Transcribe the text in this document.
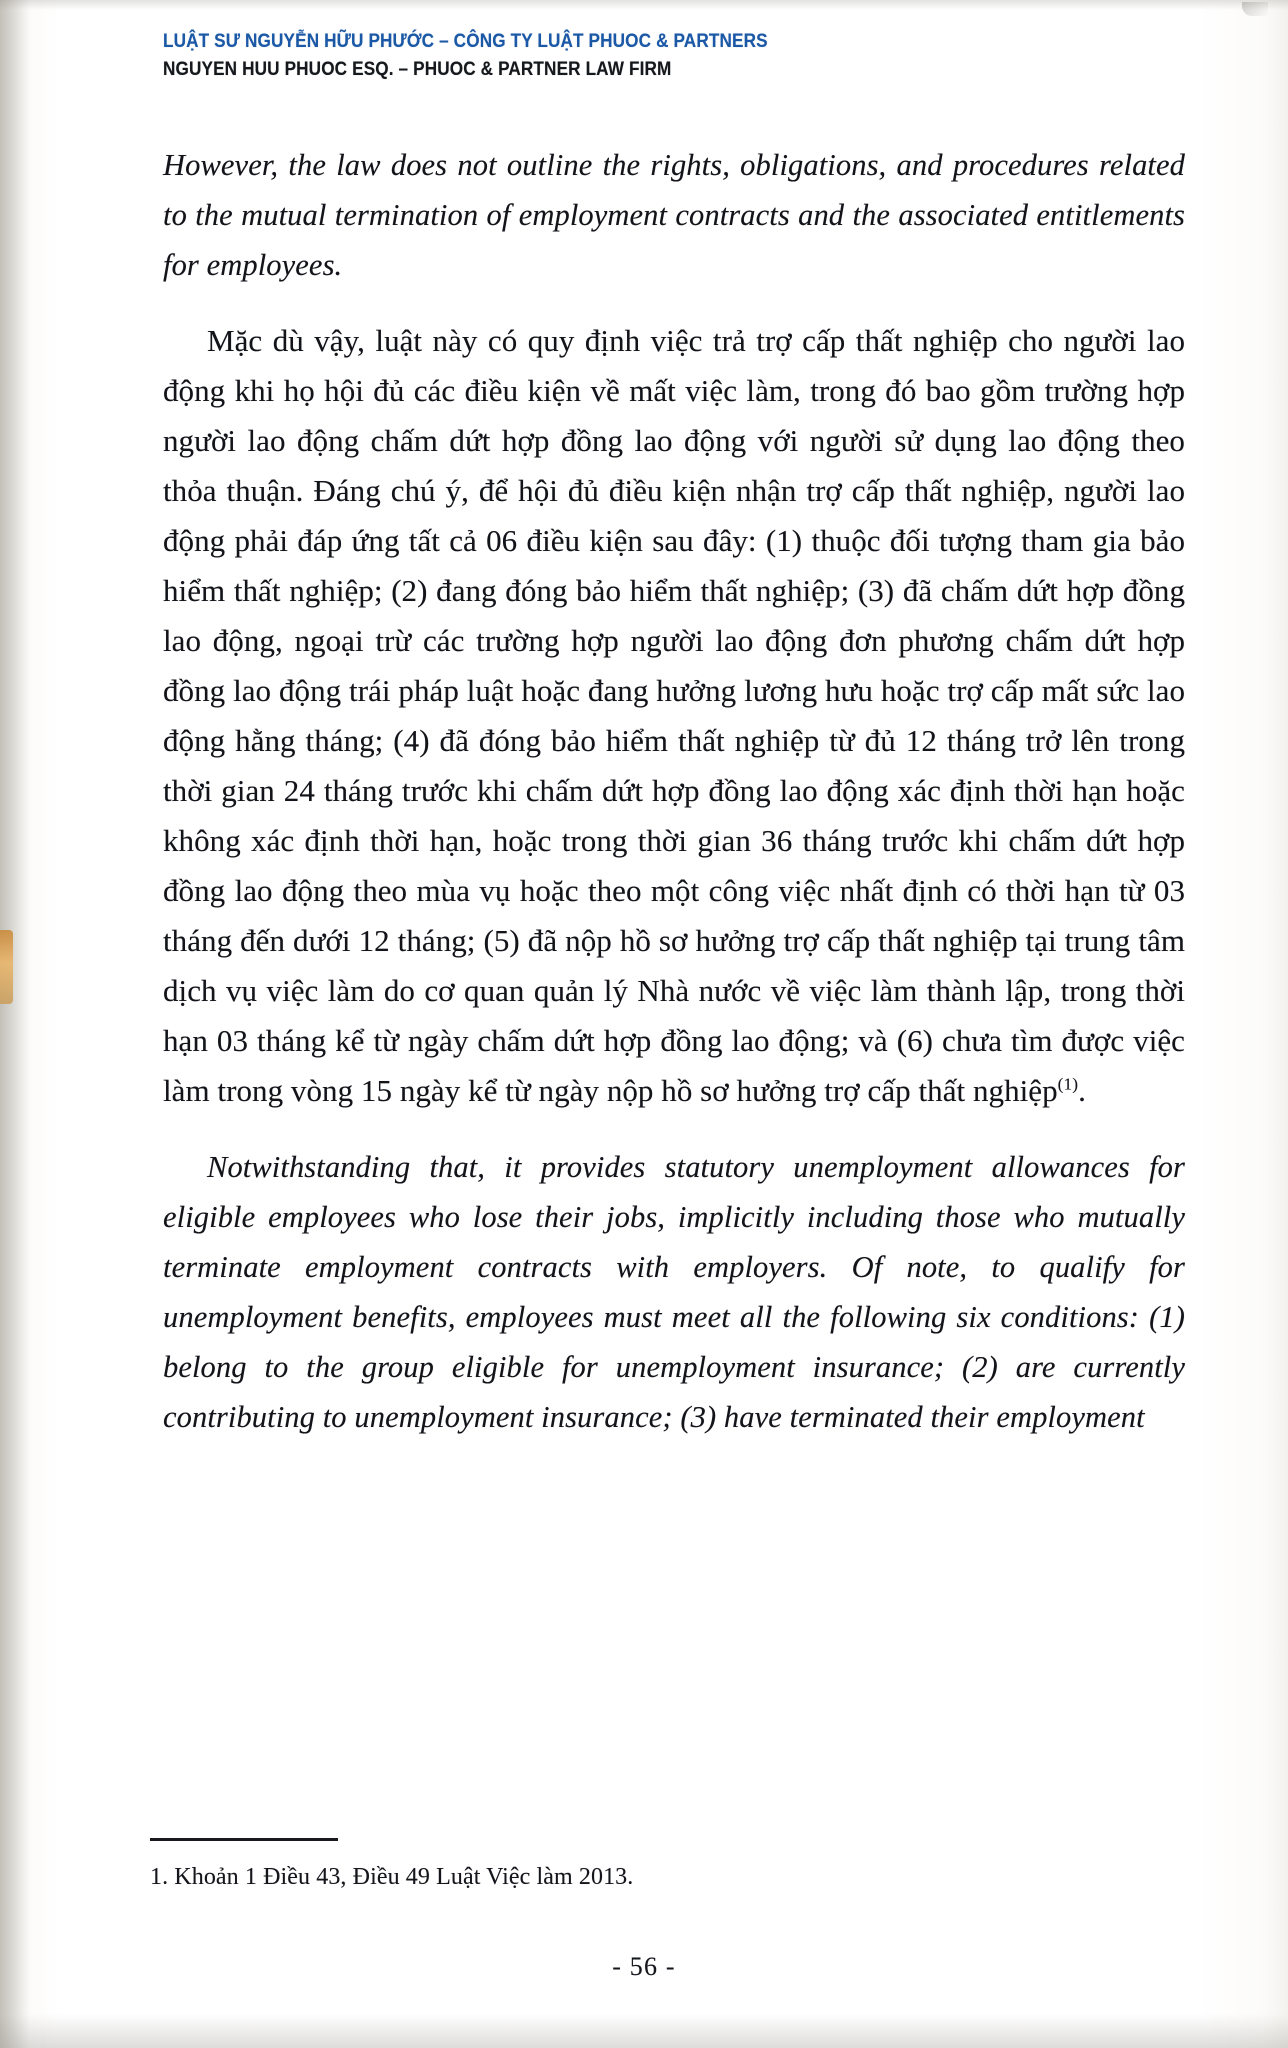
LUẬT SƯ NGUYỄN HỮU PHƯỚC – CÔNG TY LUẬT PHUOC & PARTNERS
NGUYEN HUU PHUOC ESQ. – PHUOC & PARTNER LAW FIRM

However, the law does not outline the rights, obligations, and procedures related to the mutual termination of employment contracts and the associated entitlements for employees.

Mặc dù vậy, luật này có quy định việc trả trợ cấp thất nghiệp cho người lao động khi họ hội đủ các điều kiện về mất việc làm, trong đó bao gồm trường hợp người lao động chấm dứt hợp đồng lao động với người sử dụng lao động theo thỏa thuận. Đáng chú ý, để hội đủ điều kiện nhận trợ cấp thất nghiệp, người lao động phải đáp ứng tất cả 06 điều kiện sau đây: (1) thuộc đối tượng tham gia bảo hiểm thất nghiệp; (2) đang đóng bảo hiểm thất nghiệp; (3) đã chấm dứt hợp đồng lao động, ngoại trừ các trường hợp người lao động đơn phương chấm dứt hợp đồng lao động trái pháp luật hoặc đang hưởng lương hưu hoặc trợ cấp mất sức lao động hằng tháng; (4) đã đóng bảo hiểm thất nghiệp từ đủ 12 tháng trở lên trong thời gian 24 tháng trước khi chấm dứt hợp đồng lao động xác định thời hạn hoặc không xác định thời hạn, hoặc trong thời gian 36 tháng trước khi chấm dứt hợp đồng lao động theo mùa vụ hoặc theo một công việc nhất định có thời hạn từ 03 tháng đến dưới 12 tháng; (5) đã nộp hồ sơ hưởng trợ cấp thất nghiệp tại trung tâm dịch vụ việc làm do cơ quan quản lý Nhà nước về việc làm thành lập, trong thời hạn 03 tháng kể từ ngày chấm dứt hợp đồng lao động; và (6) chưa tìm được việc làm trong vòng 15 ngày kể từ ngày nộp hồ sơ hưởng trợ cấp thất nghiệp$^{(1)}$.

Notwithstanding that, it provides statutory unemployment allowances for eligible employees who lose their jobs, implicitly including those who mutually terminate employment contracts with employers. Of note, to qualify for unemployment benefits, employees must meet all the following six conditions: (1) belong to the group eligible for unemployment insurance; (2) are currently contributing to unemployment insurance; (3) have terminated their employment

1. Khoản 1 Điều 43, Điều 49 Luật Việc làm 2013.
- 56 -
